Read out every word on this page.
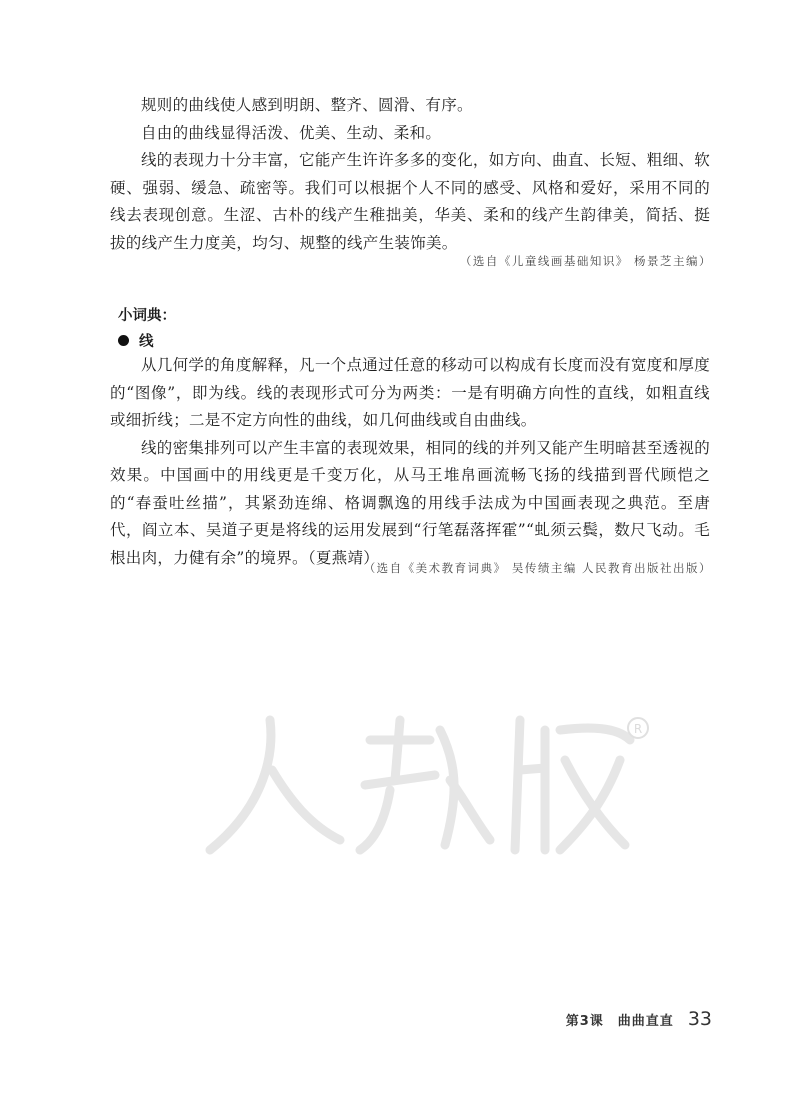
规则的曲线使人感到明朗、整齐、圆滑、有序。

自由的曲线显得活泼、优美、生动、柔和。

线的表现力十分丰富，它能产生许许多多的变化，如方向、曲直、长短、粗细、软硬、强弱、缓急、疏密等。我们可以根据个人不同的感受、风格和爱好，采用不同的线去表现创意。生涩、古朴的线产生稚拙美，华美、柔和的线产生韵律美，简括、挺拔的线产生力度美，均匀、规整的线产生装饰美。

（选自《儿童线画基础知识》 杨景芝主编）
小词典：
线

从几何学的角度解释，凡一个点通过任意的移动可以构成有长度而没有宽度和厚度的“图像”，即为线。线的表现形式可分为两类：一是有明确方向性的直线，如粗直线或细折线；二是不定方向性的曲线，如几何曲线或自由曲线。

线的密集排列可以产生丰富的表现效果，相同的线的并列又能产生明暗甚至透视的效果。中国画中的用线更是千变万化，从马王堆帛画流畅飞扬的线描到晋代顾恺之的“春蚕吐丝描”，其紧劲连绵、格调飘逸的用线手法成为中国画表现之典范。至唐代，阎立本、吴道子更是将线的运用发展到“行笔磊落挥霍”“虬须云鬓，数尺飞动。毛根出肉，力健有余”的境界。（夏燕靖）

（选自《美术教育词典》 吴传绩主编 人民教育出版社出版）
R
第3课　曲曲直直 33
